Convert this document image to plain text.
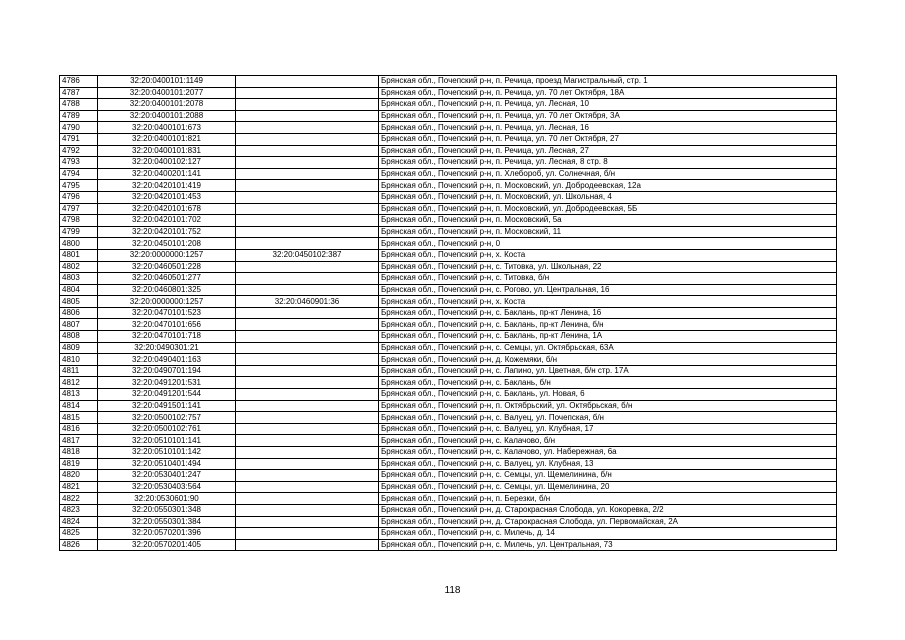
4786	32:20:0400101:1149		Брянская обл., Почепский р-н, п. Речица, проезд Магистральный, стр. 1
4787	32:20:0400101:2077		Брянская обл., Почепский р-н, п. Речица, ул. 70 лет Октября, 18А
4788	32:20:0400101:2078		Брянская обл., Почепский р-н, п. Речица, ул. Лесная, 10
4789	32:20:0400101:2088		Брянская обл., Почепский р-н, п. Речица, ул. 70 лет Октября, 3А
4790	32:20:0400101:673		Брянская обл., Почепский р-н, п. Речица, ул. Лесная, 16
4791	32:20:0400101:821		Брянская обл., Почепский р-н, п. Речица, ул. 70 лет Октября, 27
4792	32:20:0400101:831		Брянская обл., Почепский р-н, п. Речица, ул. Лесная, 27
4793	32:20:0400102:127		Брянская обл., Почепский р-н, п. Речица, ул. Лесная, 8 стр. 8
4794	32:20:0400201:141		Брянская обл., Почепский р-н, п. Хлебороб, ул. Солнечная, б/н
4795	32:20:0420101:419		Брянская обл., Почепский р-н, п. Московский, ул. Добродеевская, 12а
4796	32:20:0420101:453		Брянская обл., Почепский р-н, п. Московский, ул. Школьная, 4
4797	32:20:0420101:678		Брянская обл., Почепский р-н, п. Московский, ул. Добродеевская, 5Б
4798	32:20:0420101:702		Брянская обл., Почепский р-н, п. Московский, 5а
4799	32:20:0420101:752		Брянская обл., Почепский р-н, п. Московский, 11
4800	32:20:0450101:208		Брянская обл., Почепский р-н, 0
4801	32:20:0000000:1257	32:20:0450102:387	Брянская обл., Почепский р-н, х. Коста
4802	32:20:0460501:228		Брянская обл., Почепский р-н, с. Титовка, ул. Школьная, 22
4803	32:20:0460501:277		Брянская обл., Почепский р-н, с. Титовка, б/н
4804	32:20:0460801:325		Брянская обл., Почепский р-н, с. Рогово, ул. Центральная, 16
4805	32:20:0000000:1257	32:20:0460901:36	Брянская обл., Почепский р-н, х. Коста
4806	32:20:0470101:523		Брянская обл., Почепский р-н, с. Баклань, пр-кт Ленина, 16
4807	32:20:0470101:656		Брянская обл., Почепский р-н, с. Баклань, пр-кт Ленина, б/н
4808	32:20:0470101:718		Брянская обл., Почепский р-н, с. Баклань, пр-кт Ленина, 1А
4809	32:20:0490301:21		Брянская обл., Почепский р-н, с. Семцы, ул. Октябрьская, 63А
4810	32:20:0490401:163		Брянская обл., Почепский р-н, д. Кожемяки, б/н
4811	32:20:0490701:194		Брянская обл., Почепский р-н, с. Лапино, ул. Цветная, б/н стр. 17А
4812	32:20:0491201:531		Брянская обл., Почепский р-н, с. Баклань, б/н
4813	32:20:0491201:544		Брянская обл., Почепский р-н, с. Баклань, ул. Новая, 6
4814	32:20:0491501:141		Брянская обл., Почепский р-н, п. Октябрьский, ул. Октябрьская, б/н
4815	32:20:0500102:757		Брянская обл., Почепский р-н, с. Валуец, ул. Почепская, б/н
4816	32:20:0500102:761		Брянская обл., Почепский р-н, с. Валуец, ул. Клубная, 17
4817	32:20:0510101:141		Брянская обл., Почепский р-н, с. Калачово, б/н
4818	32:20:0510101:142		Брянская обл., Почепский р-н, с. Калачово, ул. Набережная, 6а
4819	32:20:0510401:494		Брянская обл., Почепский р-н, с. Валуец, ул. Клубная, 13
4820	32:20:0530401:247		Брянская обл., Почепский р-н, с. Семцы, ул. Щемелинина, б/н
4821	32:20:0530403:564		Брянская обл., Почепский р-н, с. Семцы, ул. Щемелинина, 20
4822	32:20:0530601:90		Брянская обл., Почепский р-н, п. Березки, б/н
4823	32:20:0550301:348		Брянская обл., Почепский р-н, д. Старокрасная Слобода, ул. Кокоревка, 2/2
4824	32:20:0550301:384		Брянская обл., Почепский р-н, д. Старокрасная Слобода, ул. Первомайская, 2А
4825	32:20:0570201:396		Брянская обл., Почепский р-н, с. Милечь, д. 14
4826	32:20:0570201:405		Брянская обл., Почепский р-н, с. Милечь, ул. Центральная, 73
118
